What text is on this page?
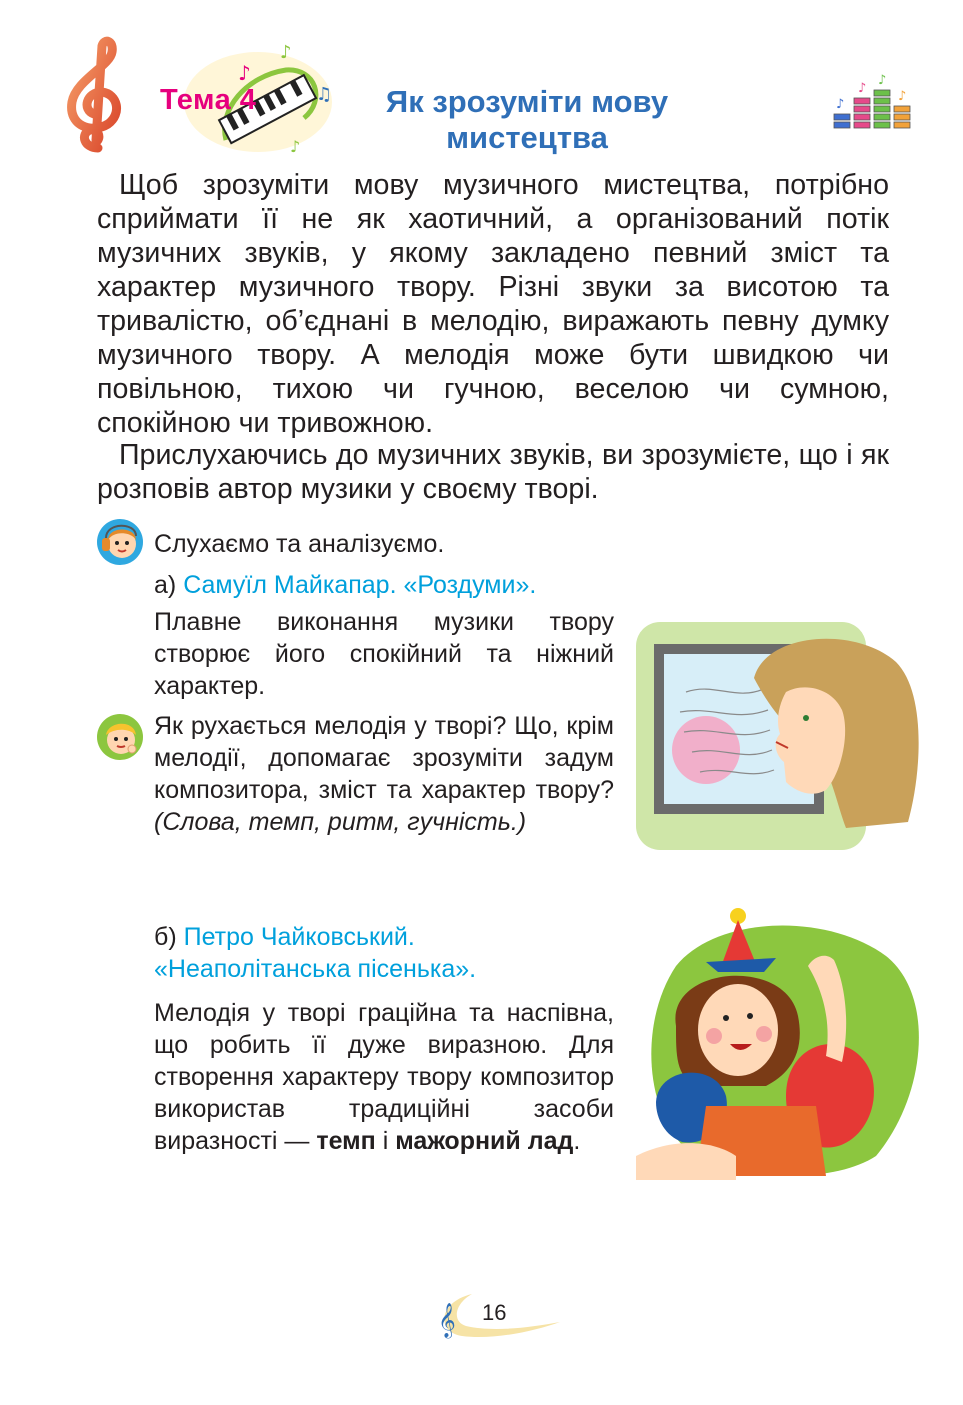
♪
♪
♫
♪
Тема 4	Як зрозуміти мову
мистецтва
♪
♪
♪
♪

Щоб зрозуміти мову музичного мистецтва, потрібно сприймати її не як хаотичний, а організований потік музичних звуків, у якому закладено певний зміст та характер музичного твору. Різні звуки за висотою та тривалістю, об’єднані в мелодію, виражають певну думку музичного твору. А мелодія може бути швидкою чи повільною, тихою чи гучною, веселою чи сумною, спокійною чи тривожною.

Прислухаючись до музичних звуків, ви зрозумієте, що і як розповів автор музики у своєму творі.

Слухаємо та аналізуємо.
а) Самуїл Майкапар. «Роздуми».

Плавне виконання музики твору створює його спокійний та ніжний характер.

Як рухається мелодія у творі? Що, крім мелодії, допомагає зрозуміти задум композитора, зміст та характер твору? (Слова, темп, ритм, гучність.)

б) Петро Чайковський.
«Неаполітанська пісенька».

Мелодія у творі граційна та наспівна, що робить її дуже виразною. Для створення характеру твору композитор використав традиційні засоби виразності — темп і мажорний лад.

𝄞 16
